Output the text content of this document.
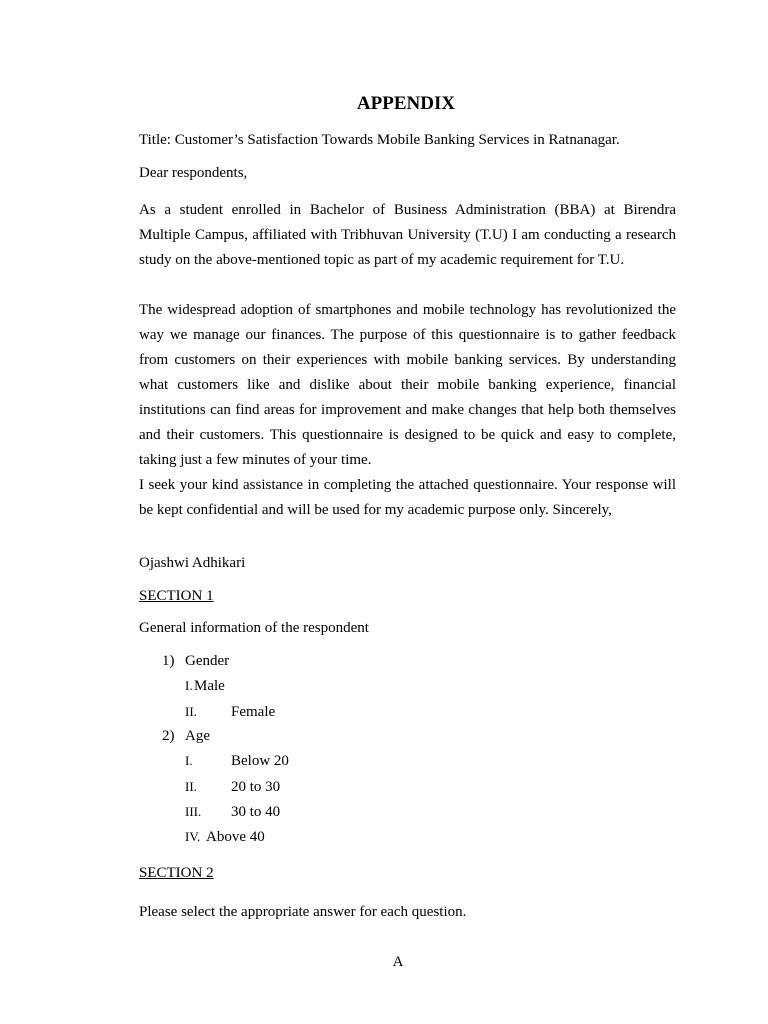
APPENDIX
Title: Customer’s Satisfaction Towards Mobile Banking Services in Ratnanagar.
Dear respondents,
As a student enrolled in Bachelor of Business Administration (BBA) at Birendra Multiple Campus, affiliated with Tribhuvan University (T.U) I am conducting a research study on the above-mentioned topic as part of my academic requirement for T.U.
The widespread adoption of smartphones and mobile technology has revolutionized the way we manage our finances. The purpose of this questionnaire is to gather feedback from customers on their experiences with mobile banking services. By understanding what customers like and dislike about their mobile banking experience, financial institutions can find areas for improvement and make changes that help both themselves and their customers. This questionnaire is designed to be quick and easy to complete, taking just a few minutes of your time.
I seek your kind assistance in completing the attached questionnaire. Your response will be kept confidential and will be used for my academic purpose only. Sincerely,
Ojashwi Adhikari
SECTION 1
General information of the respondent
1) Gender
I. Male
II. Female
2) Age
I.	Below 20
II. 20 to 30
III. 30 to 40
IV. Above 40
SECTION 2
Please select the appropriate answer for each question.
A
